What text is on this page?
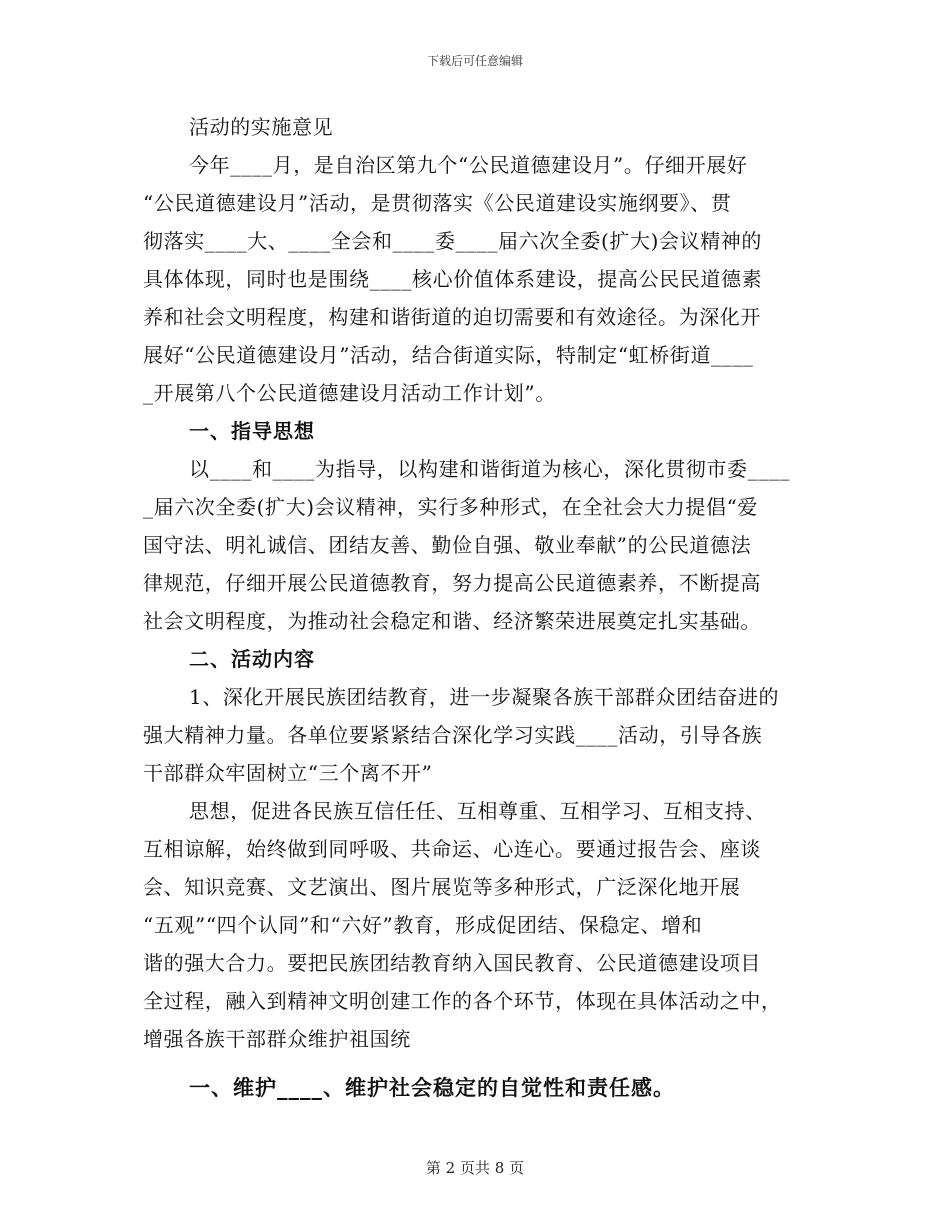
下载后可任意编辑
活动的实施意见
今年____月，是自治区第九个“公民道德建设月”。仔细开展好
“公民道德建设月”活动，是贯彻落实《公民道建设实施纲要》、贯
彻落实____大、____全会和____委____届六次全委(扩大)会议精神的
具体体现，同时也是围绕____核心价值体系建设，提高公民民道德素
养和社会文明程度，构建和谐街道的迫切需要和有效途径。为深化开
展好“公民道德建设月”活动，结合街道实际，特制定“虹桥街道____
_开展第八个公民道德建设月活动工作计划”。
一、指导思想
以____和____为指导，以构建和谐街道为核心，深化贯彻市委____
_届六次全委(扩大)会议精神，实行多种形式，在全社会大力提倡“爱
国守法、明礼诚信、团结友善、勤俭自强、敬业奉献”的公民道德法
律规范，仔细开展公民道德教育，努力提高公民道德素养，不断提高
社会文明程度，为推动社会稳定和谐、经济繁荣进展奠定扎实基础。
二、活动内容
1、深化开展民族团结教育，进一步凝聚各族干部群众团结奋进的
强大精神力量。各单位要紧紧结合深化学习实践____活动，引导各族
干部群众牢固树立“三个离不开”
思想，促进各民族互信任任、互相尊重、互相学习、互相支持、
互相谅解，始终做到同呼吸、共命运、心连心。要通过报告会、座谈
会、知识竞赛、文艺演出、图片展览等多种形式，广泛深化地开展
“五观”“四个认同”和“六好”教育，形成促团结、保稳定、增和
谐的强大合力。要把民族团结教育纳入国民教育、公民道德建设项目
全过程，融入到精神文明创建工作的各个环节，体现在具体活动之中，
增强各族干部群众维护祖国统
一、维护____、维护社会稳定的自觉性和责任感。
第 2 页共 8 页
